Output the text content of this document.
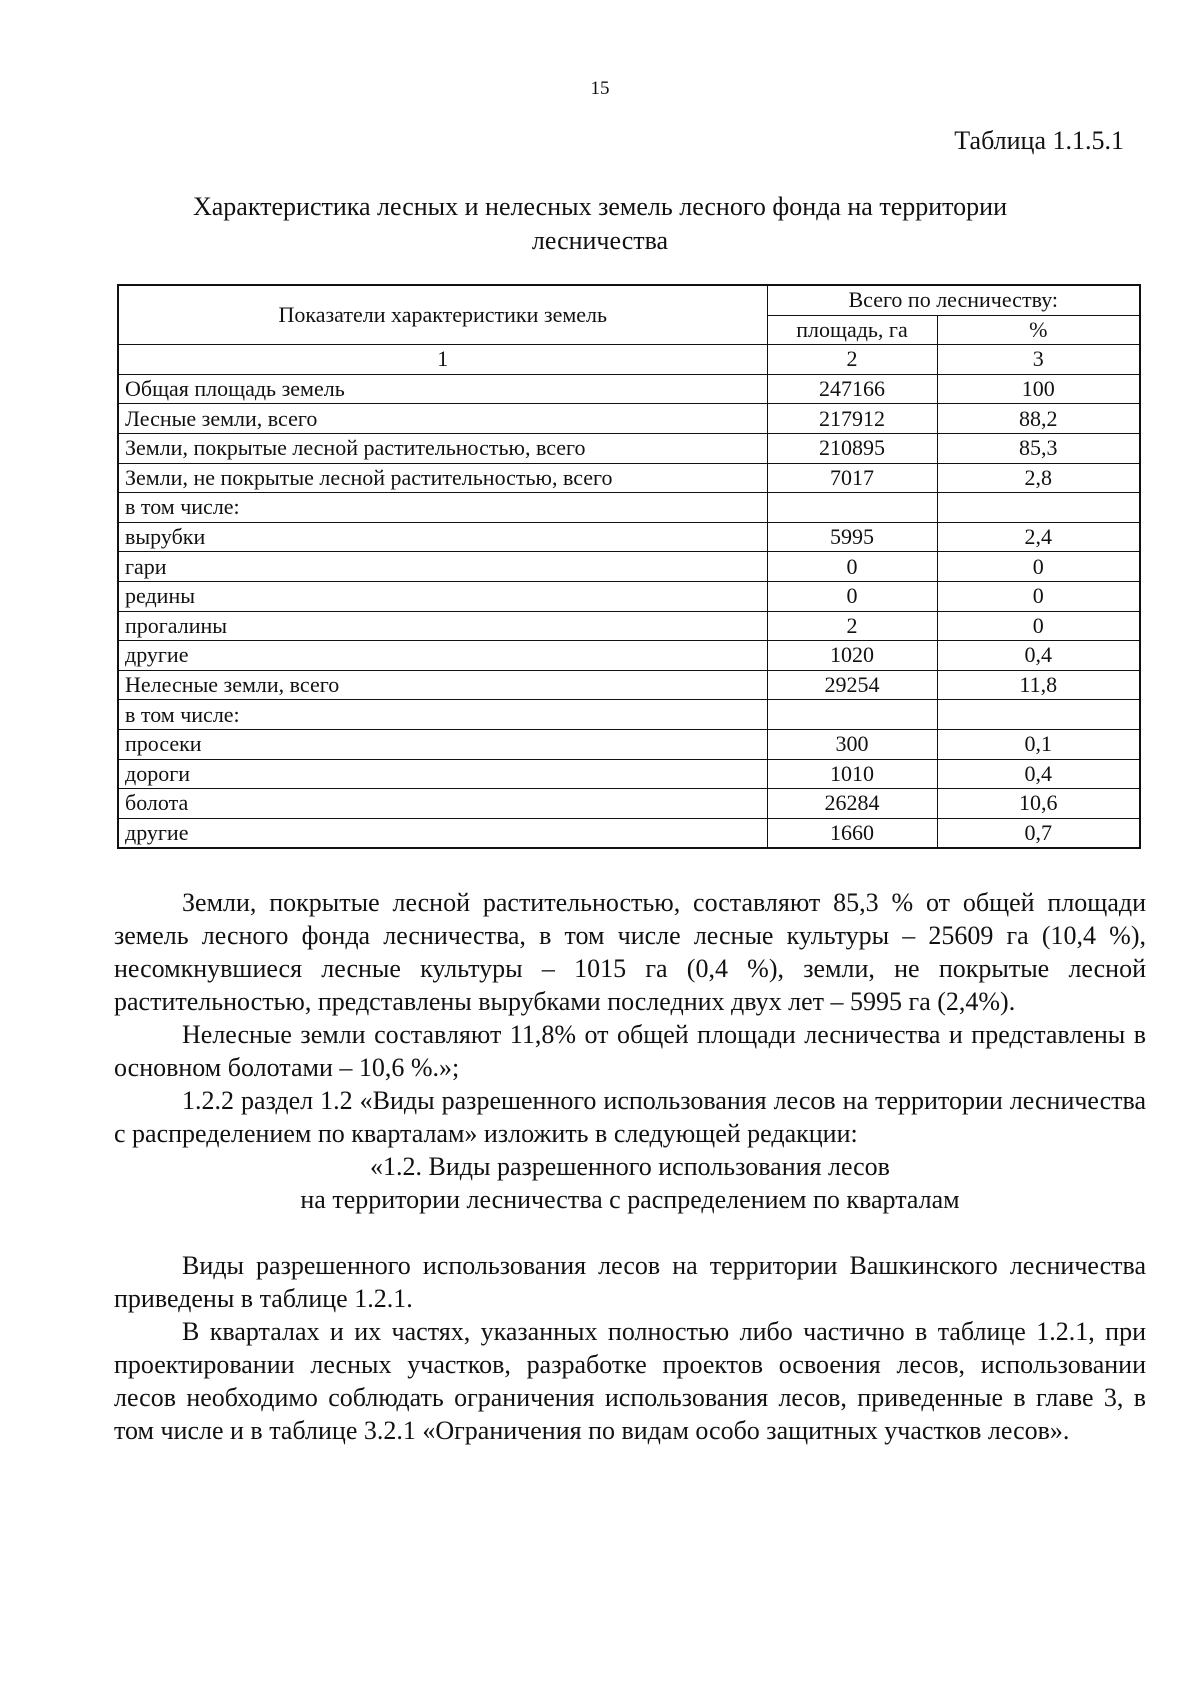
15
Таблица 1.1.5.1
Характеристика лесных и нелесных земель лесного фонда на территории
лесничества
Показатели характеристики земель	Всего по лесничеству:	
	площадь, га	%
1	2	3
Общая площадь земель	247166	100
Лесные земли, всего	217912	88,2
Земли, покрытые лесной растительностью, всего	210895	85,3
Земли, не покрытые лесной растительностью, всего	7017	2,8
в том числе:		
вырубки	5995	2,4
гари	0	0
редины	0	0
прогалины	2	0
другие	1020	0,4
Нелесные земли, всего	29254	11,8
в том числе:		
просеки	300	0,1
дороги	1010	0,4
болота	26284	10,6
другие	1660	0,7

Земли, покрытые лесной растительностью, составляют 85,3 % от общей площади земель лесного фонда лесничества, в том числе лесные культуры – 25609 га (10,4 %), несомкнувшиеся лесные культуры – 1015 га (0,4 %), земли, не покрытые лесной растительностью, представлены вырубками последних двух лет – 5995 га (2,4%).

Нелесные земли составляют 11,8% от общей площади лесничества и представлены в основном болотами – 10,6 %.»;

1.2.2 раздел 1.2 «Виды разрешенного использования лесов на территории лесничества с распределением по кварталам» изложить в следующей редакции:

«1.2. Виды разрешенного использования лесов

на территории лесничества с распределением по кварталам

Виды разрешенного использования лесов на территории Вашкинского лесничества приведены в таблице 1.2.1.

В кварталах и их частях, указанных полностью либо частично в таблице 1.2.1, при проектировании лесных участков, разработке проектов освоения лесов, использовании лесов необходимо соблюдать ограничения использования лесов, приведенные в главе 3, в том числе и в таблице 3.2.1 «Ограничения по видам особо защитных участков лесов».
